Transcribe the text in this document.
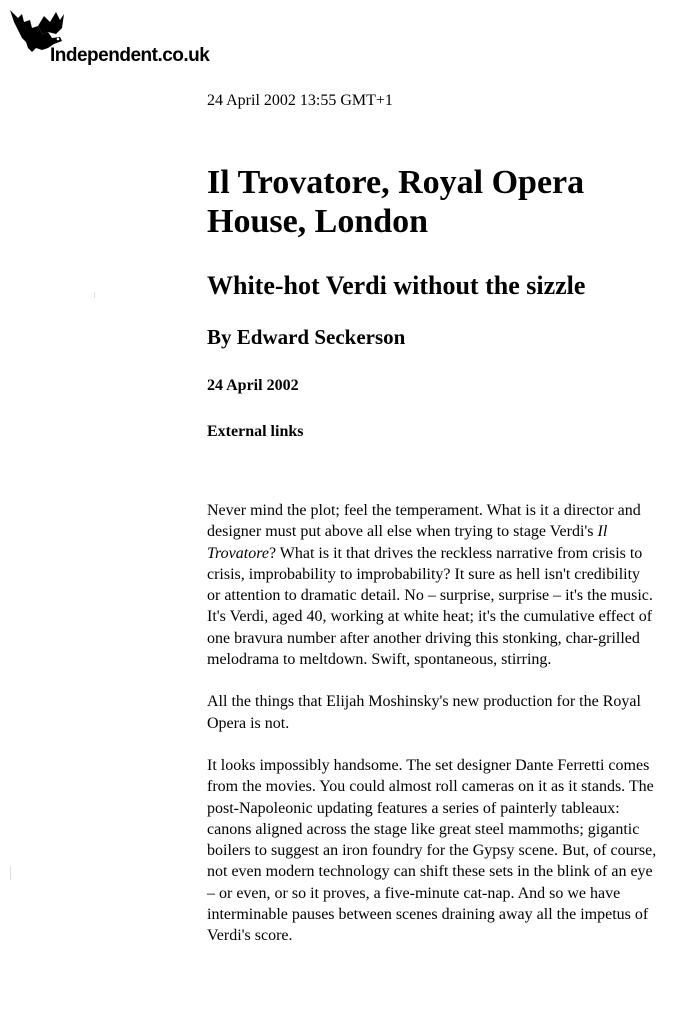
Independent.co.uk
24 April 2002 13:55 GMT+1
Il Trovatore, Royal Opera House, London
White-hot Verdi without the sizzle
By Edward Seckerson
24 April 2002
External links

Never mind the plot; feel the temperament. What is it a director and designer must put above all else when trying to stage Verdi's Il Trovatore? What is it that drives the reckless narrative from crisis to crisis, improbability to improbability? It sure as hell isn't credibility or attention to dramatic detail. No – surprise, surprise – it's the music. It's Verdi, aged 40, working at white heat; it's the cumulative effect of one bravura number after another driving this stonking, char-grilled melodrama to meltdown. Swift, spontaneous, stirring.

All the things that Elijah Moshinsky's new production for the Royal Opera is not.

It looks impossibly handsome. The set designer Dante Ferretti comes from the movies. You could almost roll cameras on it as it stands. The post-Napoleonic updating features a series of painterly tableaux: canons aligned across the stage like great steel mammoths; gigantic boilers to suggest an iron foundry for the Gypsy scene. But, of course, not even modern technology can shift these sets in the blink of an eye – or even, or so it proves, a five-minute cat-nap. And so we have interminable pauses between scenes draining away all the impetus of Verdi's score.
